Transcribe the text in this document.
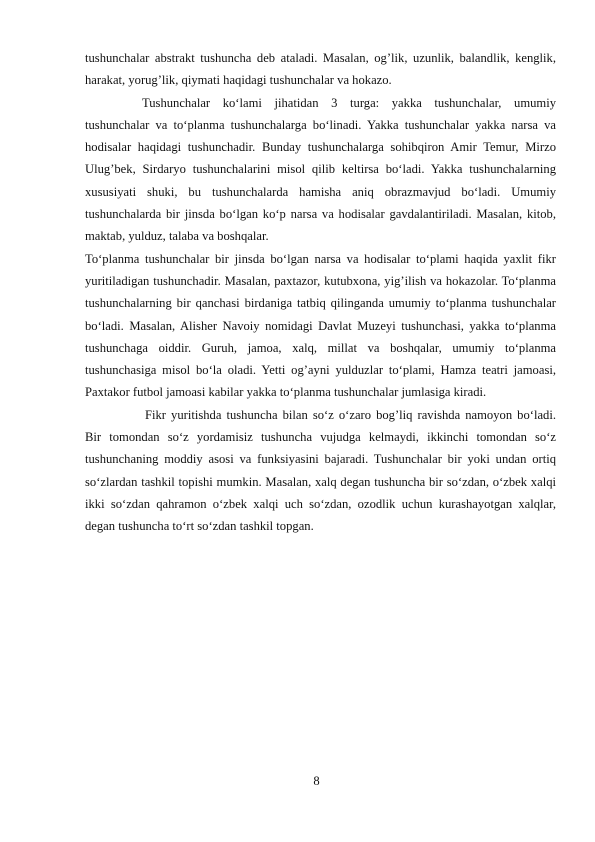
tushunchalar abstrakt tushuncha deb ataladi. Masalan, og’lik, uzunlik, balandlik, kenglik, harakat, yorug’lik, qiymati haqidagi tushunchalar va hokazo.

Tushunchalar ko‘lami jihatidan 3 turga: yakka tushunchalar, umumiy tushunchalar va to‘planma tushunchalarga bo‘linadi. Yakka tushunchalar yakka narsa va hodisalar haqidagi tushunchadir. Bunday tushunchalarga sohibqiron Amir Temur, Mirzo Ulug’bek, Sirdaryo tushunchalarini misol qilib keltirsa bo‘ladi. Yakka tushunchalarning xususiyati shuki, bu tushunchalarda hamisha aniq obrazmavjud bo‘ladi. Umumiy tushunchalarda bir jinsda bo‘lgan ko‘p narsa va hodisalar gavdalantiriladi. Masalan, kitob, maktab, yulduz, talaba va boshqalar.

To‘planma tushunchalar bir jinsda bo‘lgan narsa va hodisalar to‘plami haqida yaxlit fikr yuritiladigan tushunchadir. Masalan, paxtazor, kutubxona, yig’ilish va hokazolar. To‘planma tushunchalarning bir qanchasi birdaniga tatbiq qilinganda umumiy to‘planma tushunchalar bo‘ladi. Masalan, Alisher Navoiy nomidagi Davlat Muzeyi tushunchasi, yakka to‘planma tushunchaga oiddir. Guruh, jamoa, xalq, millat va boshqalar, umumiy to‘planma tushunchasiga misol bo‘la oladi. Yetti og’ayni yulduzlar to‘plami, Hamza teatri jamoasi, Paxtakor futbol jamoasi kabilar yakka to‘planma tushunchalar jumlasiga kiradi.

Fikr yuritishda tushuncha bilan so‘z o‘zaro bog’liq ravishda namoyon bo‘ladi. Bir tomondan so‘z yordamisiz tushuncha vujudga kelmaydi, ikkinchi tomondan so‘z tushunchaning moddiy asosi va funksiyasini bajaradi. Tushunchalar bir yoki undan ortiq so‘zlardan tashkil topishi mumkin. Masalan, xalq degan tushuncha bir so‘zdan, o‘zbek xalqi ikki so‘zdan qahramon o‘zbek xalqi uch so‘zdan, ozodlik uchun kurashayotgan xalqlar, degan tushuncha to‘rt so‘zdan tashkil topgan.

8
